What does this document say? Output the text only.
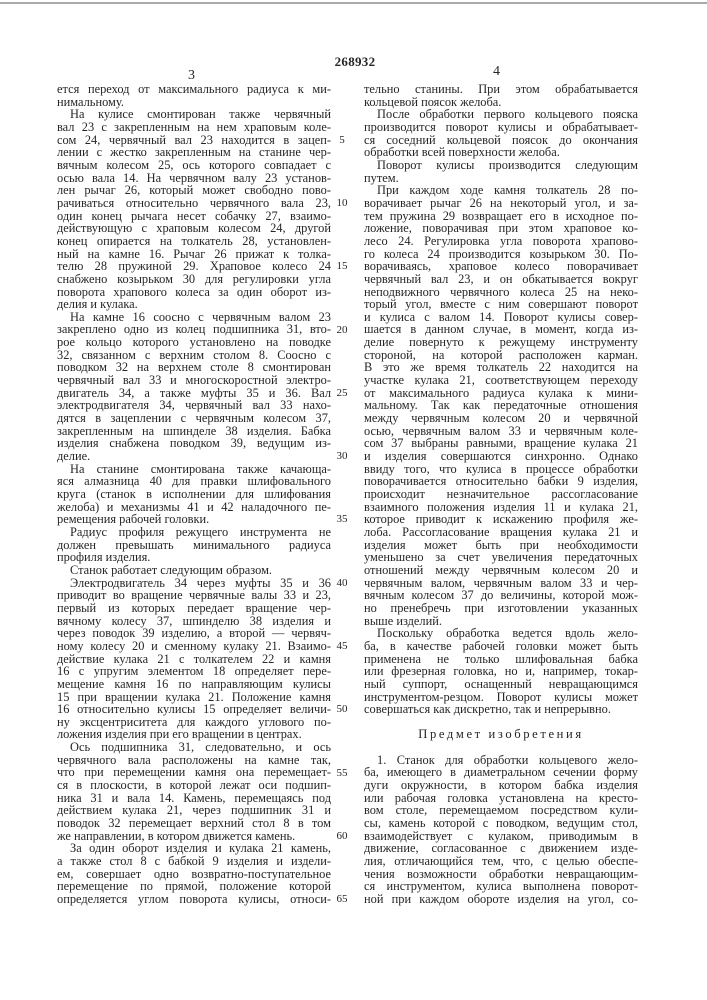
268932
3	4
ется переход от максимального радиуса к ми-
нимальному.
На кулисе смонтирован также червячный
вал 23 с закрепленным на нем храповым коле-
сом 24, червячный вал 23 находится в зацеп-
лении с жестко закрепленным на станине чер-
вячным колесом 25, ось которого совпадает с
осью вала 14. На червячном валу 23 установ-
лен рычаг 26, который может свободно пово-
рачиваться относительно червячного вала 23,
один конец рычага несет собачку 27, взаимо-
действующую с храповым колесом 24, другой
конец опирается на толкатель 28, установлен-
ный на камне 16. Рычаг 26 прижат к толка-
телю 28 пружиной 29. Храповое колесо 24
снабжено козырьком 30 для регулировки угла
поворота храпового колеса за один оборот из-
делия и кулака.
На камне 16 соосно с червячным валом 23
закреплено одно из колец подшипника 31, вто-
рое кольцо которого установлено на поводке
32, связанном с верхним столом 8. Соосно с
поводком 32 на верхнем столе 8 смонтирован
червячный вал 33 и многоскоростной электро-
двигатель 34, а также муфты 35 и 36. Вал
электродвигателя 34, червячный вал 33 нахо-
дятся в зацеплении с червячным колесом 37,
закрепленным на шпинделе 38 изделия. Бабка
изделия снабжена поводком 39, ведущим из-
делие.
На станине смонтирована также качающа-
яся алмазница 40 для правки шлифовального
круга (станок в исполнении для шлифования
желоба) и механизмы 41 и 42 наладочного пе-
ремещения рабочей головки.
Радиус профиля режущего инструмента не
должен превышать минимального радиуса
профиля изделия.
Станок работает следующим образом.
Электродвигатель 34 через муфты 35 и 36
приводит во вращение червячные валы 33 и 23,
первый из которых передает вращение чер-
вячному колесу 37, шпинделю 38 изделия и
через поводок 39 изделию, а второй — червяч-
ному колесу 20 и сменному кулаку 21. Взаимо-
действие кулака 21 с толкателем 22 и камня
16 с упругим элементом 18 определяет пере-
мещение камня 16 по направляющим кулисы
15 при вращении кулака 21. Положение камня
16 относительно кулисы 15 определяет величи-
ну эксцентриситета для каждого углового по-
ложения изделия при его вращении в центрах.
Ось подшипника 31, следовательно, и ось
червячного вала расположены на камне так,
что при перемещении камня она перемещает-
ся в плоскости, в которой лежат оси подшип-
ника 31 и вала 14. Камень, перемещаясь под
действием кулака 21, через подшипник 31 и
поводок 32 перемещает верхний стол 8 в том
же направлении, в котором движется камень.
За один оборот изделия и кулака 21 камень,
а также стол 8 с бабкой 9 изделия и издели-
ем, совершает одно возвратно-поступательное
перемещение по прямой, положение которой
определяется углом поворота кулисы, относи-
тельно станины. При этом обрабатывается
кольцевой поясок желоба.
После обработки первого кольцевого пояска
производится поворот кулисы и обрабатывает-
ся соседний кольцевой поясок до окончания
обработки всей поверхности желоба.
Поворот кулисы производится следующим
путем.
При каждом ходе камня толкатель 28 по-
ворачивает рычаг 26 на некоторый угол, и за-
тем пружина 29 возвращает его в исходное по-
ложение, поворачивая при этом храповое ко-
лесо 24. Регулировка угла поворота храпово-
го колеса 24 производится козырьком 30. По-
ворачиваясь, храповое колесо поворачивает
червячный вал 23, и он обкатывается вокруг
неподвижного червячного колеса 25 на неко-
торый угол, вместе с ним совершают поворот
и кулиса с валом 14. Поворот кулисы совер-
шается в данном случае, в момент, когда из-
делие повернуто к режущему инструменту
стороной, на которой расположен карман.
В это же время толкатель 22 находится на
участке кулака 21, соответствующем переходу
от максимального радиуса кулака к мини-
мальному. Так как передаточные отношения
между червячным колесом 20 и червячной
осью, червячным валом 33 и червячным коле-
сом 37 выбраны равными, вращение кулака 21
и изделия совершаются синхронно. Однако
ввиду того, что кулиса в процессе обработки
поворачивается относительно бабки 9 изделия,
происходит незначительное рассогласование
взаимного положения изделия 11 и кулака 21,
которое приводит к искажению профиля же-
лоба. Рассогласование вращения кулака 21 и
изделия может быть при необходимости
уменьшено за счет увеличения передаточных
отношений между червячным колесом 20 и
червячным валом, червячным валом 33 и чер-
вячным колесом 37 до величины, которой мож-
но пренебречь при изготовлении указанных
выше изделий.
Поскольку обработка ведется вдоль жело-
ба, в качестве рабочей головки может быть
применена не только шлифовальная бабка
или фрезерная головка, но и, например, токар-
ный суппорт, оснащенный невращающимся
инструментом-резцом. Поворот кулисы может
совершаться как дискретно, так и непрерывно.
Предмет изобретения
1. Станок для обработки кольцевого жело-
ба, имеющего в диаметральном сечении форму
дуги окружности, в котором бабка изделия
или рабочая головка установлена на кресто-
вом столе, перемещаемом посредством кули-
сы, камень которой с поводком, ведущим стол,
взаимодействует с кулаком, приводимым в
движение, согласованное с движением изде-
лия, отличающийся тем, что, с целью обеспе-
чения возможности обработки невращающим-
ся инструментом, кулиса выполнена поворот-
ной при каждом обороте изделия на угол, со-
5
10
15
20
25
30
35
40
45
50
55
60
65
